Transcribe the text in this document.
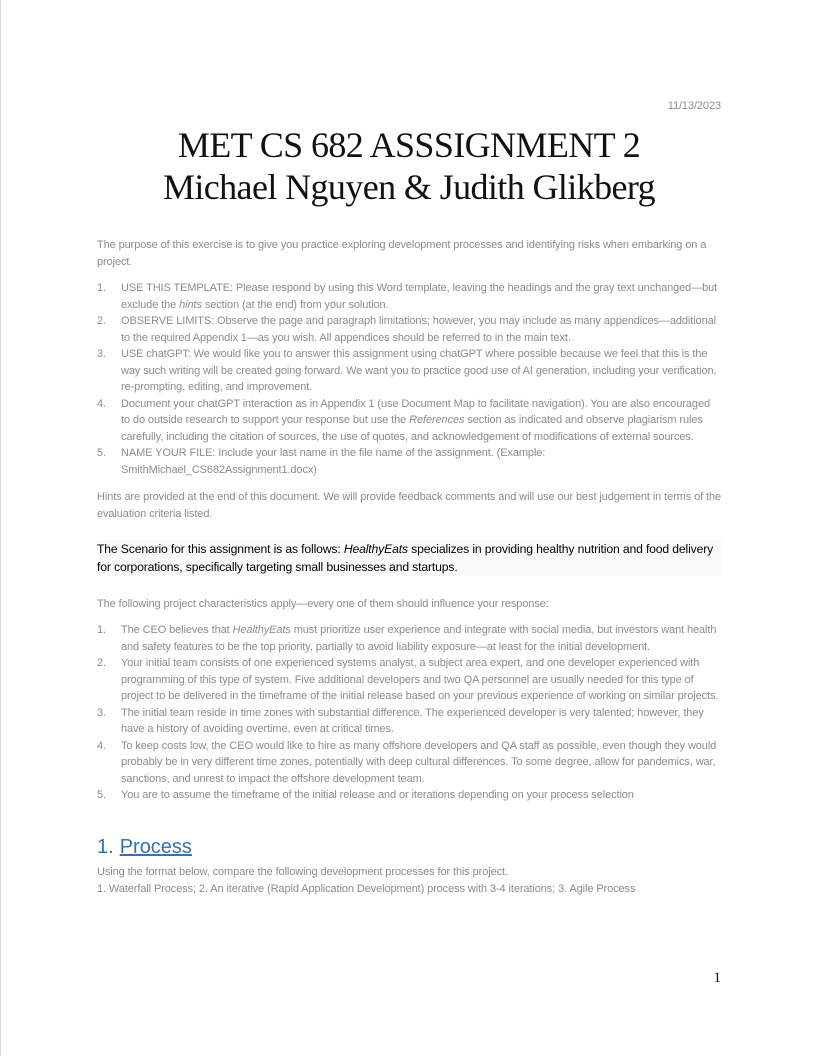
11/13/2023
MET CS 682 ASSSIGNMENT 2
Michael Nguyen & Judith Glikberg
The purpose of this exercise is to give you practice exploring development processes and identifying risks when embarking on a project.
1. USE THIS TEMPLATE: Please respond by using this Word template, leaving the headings and the gray text unchanged—but exclude the hints section (at the end) from your solution.
2. OBSERVE LIMITS: Observe the page and paragraph limitations; however, you may include as many appendices—additional to the required Appendix 1—as you wish. All appendices should be referred to in the main text.
3. USE chatGPT: We would like you to answer this assignment using chatGPT where possible because we feel that this is the way such writing will be created going forward. We want you to practice good use of AI generation, including your verification, re-prompting, editing, and improvement.
4. Document your chatGPT interaction as in Appendix 1 (use Document Map to facilitate navigation). You are also encouraged to do outside research to support your response but use the References section as indicated and observe plagiarism rules carefully, including the citation of sources, the use of quotes, and acknowledgement of modifications of external sources.
5. NAME YOUR FILE: Include your last name in the file name of the assignment. (Example: SmithMichael_CS682Assignment1.docx)
Hints are provided at the end of this document. We will provide feedback comments and will use our best judgement in terms of the evaluation criteria listed.
The Scenario for this assignment is as follows: HealthyEats specializes in providing healthy nutrition and food delivery for corporations, specifically targeting small businesses and startups.
The following project characteristics apply—every one of them should influence your response:
1. The CEO believes that HealthyEats must prioritize user experience and integrate with social media, but investors want health and safety features to be the top priority, partially to avoid liability exposure—at least for the initial development.
2. Your initial team consists of one experienced systems analyst, a subject area expert, and one developer experienced with programming of this type of system. Five additional developers and two QA personnel are usually needed for this type of project to be delivered in the timeframe of the initial release based on your previous experience of working on similar projects.
3. The initial team reside in time zones with substantial difference. The experienced developer is very talented; however, they have a history of avoiding overtime, even at critical times.
4. To keep costs low, the CEO would like to hire as many offshore developers and QA staff as possible, even though they would probably be in very different time zones, potentially with deep cultural differences. To some degree, allow for pandemics, war, sanctions, and unrest to impact the offshore development team.
5. You are to assume the timeframe of the initial release and or iterations depending on your process selection
1. Process
Using the format below, compare the following development processes for this project.
1. Waterfall Process; 2. An iterative (Rapid Application Development) process with 3-4 iterations; 3. Agile Process
1
